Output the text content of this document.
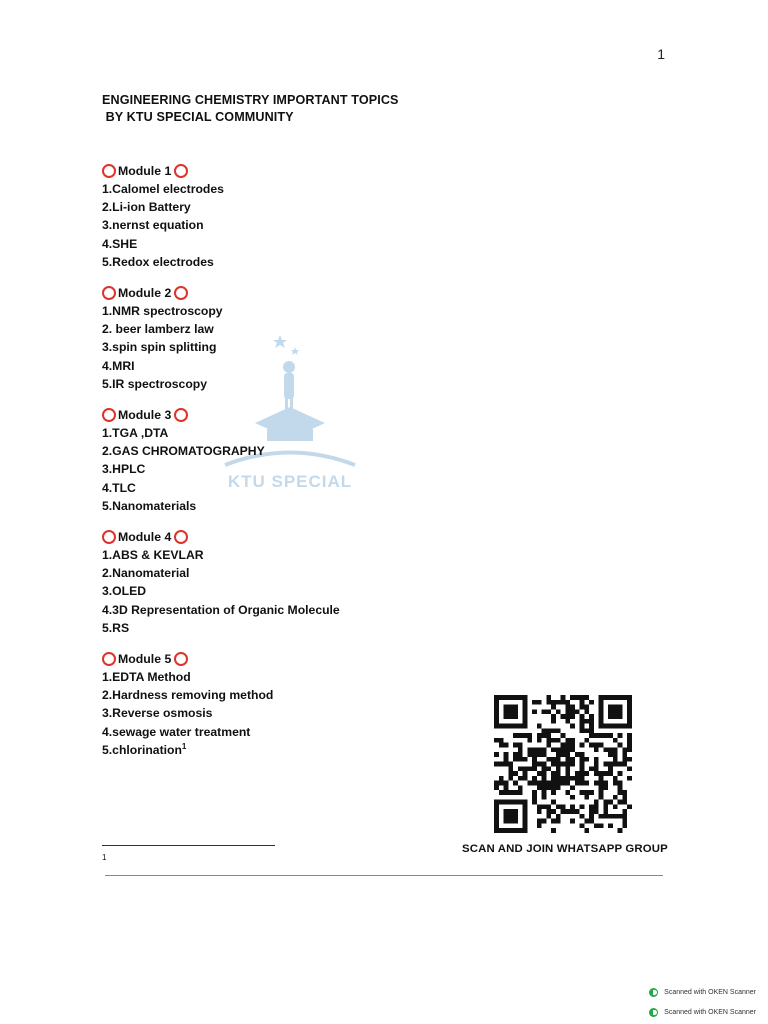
1
ENGINEERING CHEMISTRY IMPORTANT TOPICS
BY KTU SPECIAL COMMUNITY
KTU SPECIAL
Module 1
1.Calomel electrodes
2.Li-ion Battery
3.nernst equation
4.SHE
5.Redox electrodes
Module 2
1.NMR spectroscopy
2. beer lamberz law
3.spin spin splitting
4.MRI
5.IR spectroscopy
Module 3
1.TGA ,DTA
2.GAS CHROMATOGRAPHY
3.HPLC
4.TLC
5.Nanomaterials
Module 4
1.ABS & KEVLAR
2.Nanomaterial
3.OLED
4.3D Representation of Organic Molecule
5.RS
Module 5
1.EDTA Method
2.Hardness removing method
3.Reverse osmosis
4.sewage water treatment
5.chlorination$^1$
SCAN AND JOIN WHATSAPP GROUP
1
Scanned with OKEN Scanner
Scanned with OKEN Scanner
